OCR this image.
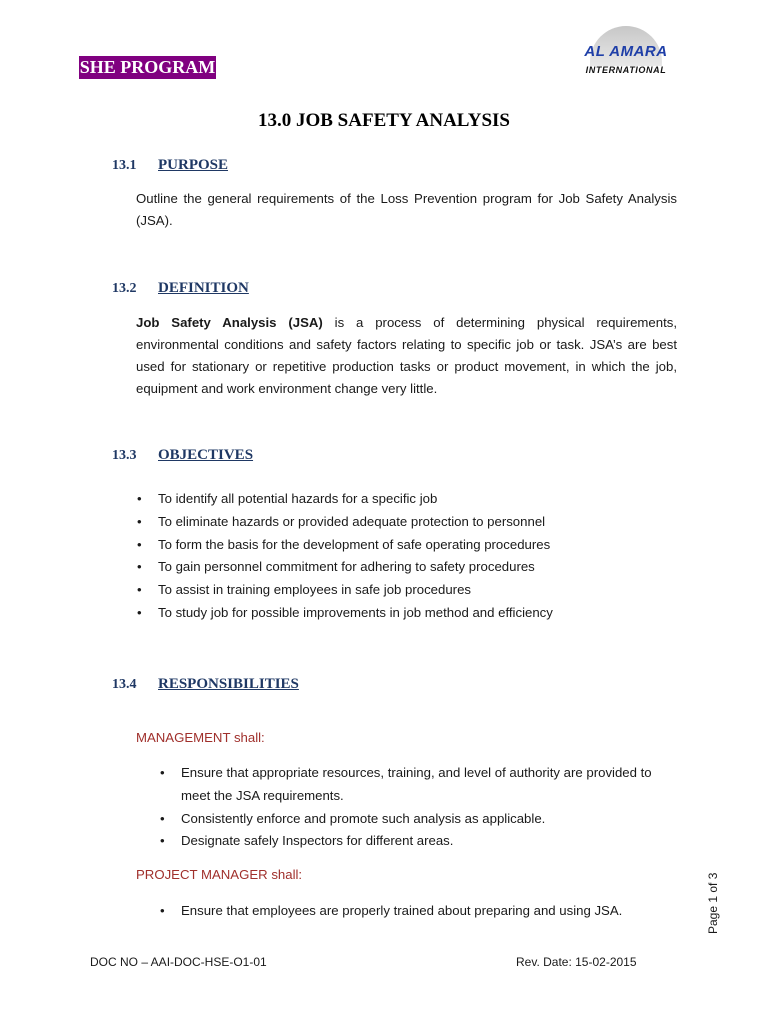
SHE PROGRAM
AL AMARA
INTERNATIONAL
13.0 JOB SAFETY ANALYSIS
13.1 PURPOSE
Outline the general requirements of the Loss Prevention program for Job Safety Analysis (JSA).
13.2 DEFINITION
Job Safety Analysis (JSA) is a process of determining physical requirements, environmental conditions and safety factors relating to specific job or task. JSA’s are best used for stationary or repetitive production tasks or product movement, in which the job, equipment and work environment change very little.
13.3 OBJECTIVES
• To identify all potential hazards for a specific job
• To eliminate hazards or provided adequate protection to personnel
• To form the basis for the development of safe operating procedures
• To gain personnel commitment for adhering to safety procedures
• To assist in training employees in safe job procedures
• To study job for possible improvements in job method and efficiency
13.4 RESPONSIBILITIES
MANAGEMENT shall:
• Ensure that appropriate resources, training, and level of authority are provided to meet the JSA requirements.
• Consistently enforce and promote such analysis as applicable.
• Designate safely Inspectors for different areas.
PROJECT MANAGER shall:
• Ensure that employees are properly trained about preparing and using JSA.
DOC NO – AAI-DOC-HSE-O1-01	Rev. Date: 15-02-2015
Page 1 of 3
